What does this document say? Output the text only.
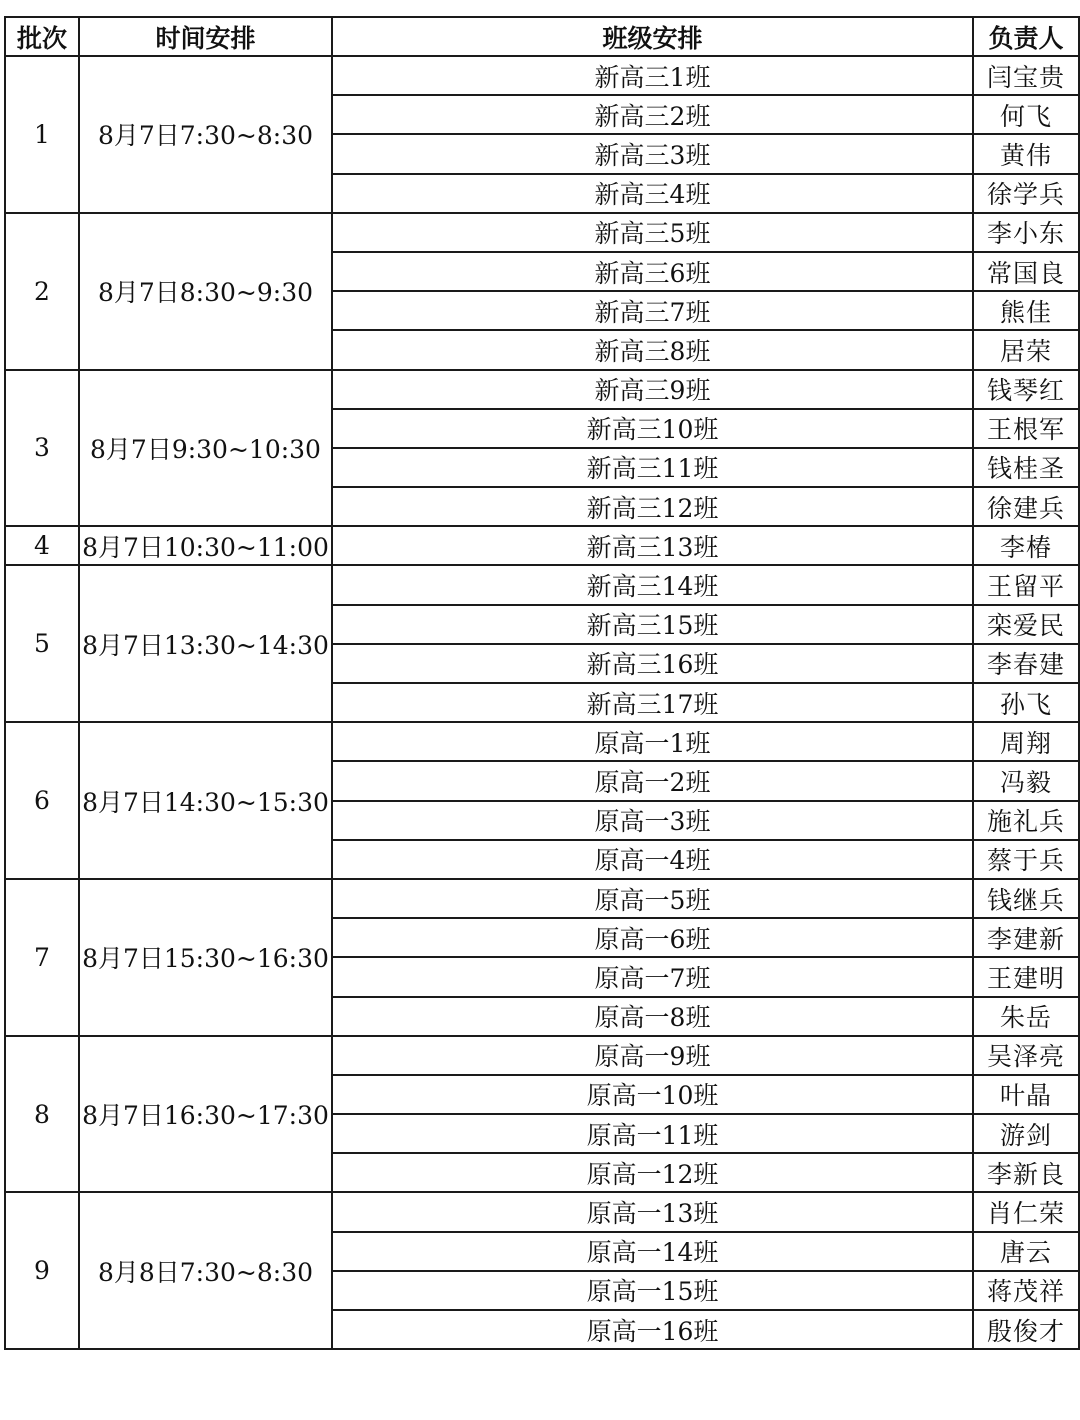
批次	时间安排	班级安排	负责人
1	8月7日7:30~8:30	新高三1班	闫宝贵
		新高三2班	何飞
		新高三3班	黄伟
		新高三4班	徐学兵
2	8月7日8:30~9:30	新高三5班	李小东
		新高三6班	常国良
		新高三7班	熊佳
		新高三8班	居荣
3	8月7日9:30~10:30	新高三9班	钱琴红
		新高三10班	王根军
		新高三11班	钱桂圣
		新高三12班	徐建兵
4	8月7日10:30~11:00	新高三13班	李椿
5	8月7日13:30~14:30	新高三14班	王留平
		新高三15班	栾爱民
		新高三16班	李春建
		新高三17班	孙飞
6	8月7日14:30~15:30	原高一1班	周翔
		原高一2班	冯毅
		原高一3班	施礼兵
		原高一4班	蔡于兵
7	8月7日15:30~16:30	原高一5班	钱继兵
		原高一6班	李建新
		原高一7班	王建明
		原高一8班	朱岳
8	8月7日16:30~17:30	原高一9班	吴泽亮
		原高一10班	叶晶
		原高一11班	游剑
		原高一12班	李新良
9	8月8日7:30~8:30	原高一13班	肖仁荣
		原高一14班	唐云
		原高一15班	蒋茂祥
		原高一16班	殷俊才
